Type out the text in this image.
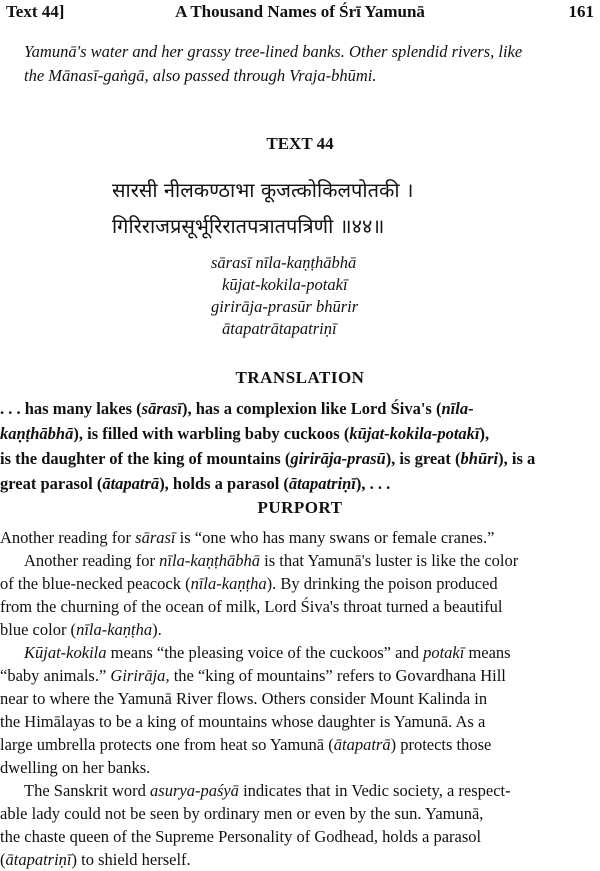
Text 44]	A Thousand Names of Śrī Yamunā	161
Yamunā's water and her grassy tree-lined banks. Other splendid rivers, like
the Mānasī-gaṅgā, also passed through Vraja-bhūmi.
TEXT 44
सारसी नीलकण्ठाभा कूजत्कोकिलपोतकी ।
गिरिराजप्रसूर्भूरिरातपत्रातपत्रिणी ॥४४॥
sārasī nīla-kaṇṭhābhā
kūjat-kokila-potakī
girirāja-prasūr bhūrir
ātapatrātapatriṇī
TRANSLATION
. . . has many lakes (sārasī), has a complexion like Lord Śiva's (nīla-
kaṇṭhābhā), is filled with warbling baby cuckoos (kūjat-kokila-potakī),
is the daughter of the king of mountains (girirāja-prasū), is great (bhūri), is a
great parasol (ātapatrā), holds a parasol (ātapatriṇī), . . .
PURPORT
Another reading for sārasī is “one who has many swans or female cranes.”
Another reading for nīla-kaṇṭhābhā is that Yamunā's luster is like the color
of the blue-necked peacock (nīla-kaṇṭha). By drinking the poison produced
from the churning of the ocean of milk, Lord Śiva's throat turned a beautiful
blue color (nīla-kaṇṭha).
Kūjat-kokila means “the pleasing voice of the cuckoos” and potakī means
“baby animals.” Girirāja, the “king of mountains” refers to Govardhana Hill
near to where the Yamunā River flows. Others consider Mount Kalinda in
the Himālayas to be a king of mountains whose daughter is Yamunā. As a
large umbrella protects one from heat so Yamunā (ātapatrā) protects those
dwelling on her banks.
The Sanskrit word asurya-paśyā indicates that in Vedic society, a respect-
able lady could not be seen by ordinary men or even by the sun. Yamunā,
the chaste queen of the Supreme Personality of Godhead, holds a parasol
(ātapatriṇī) to shield herself.
